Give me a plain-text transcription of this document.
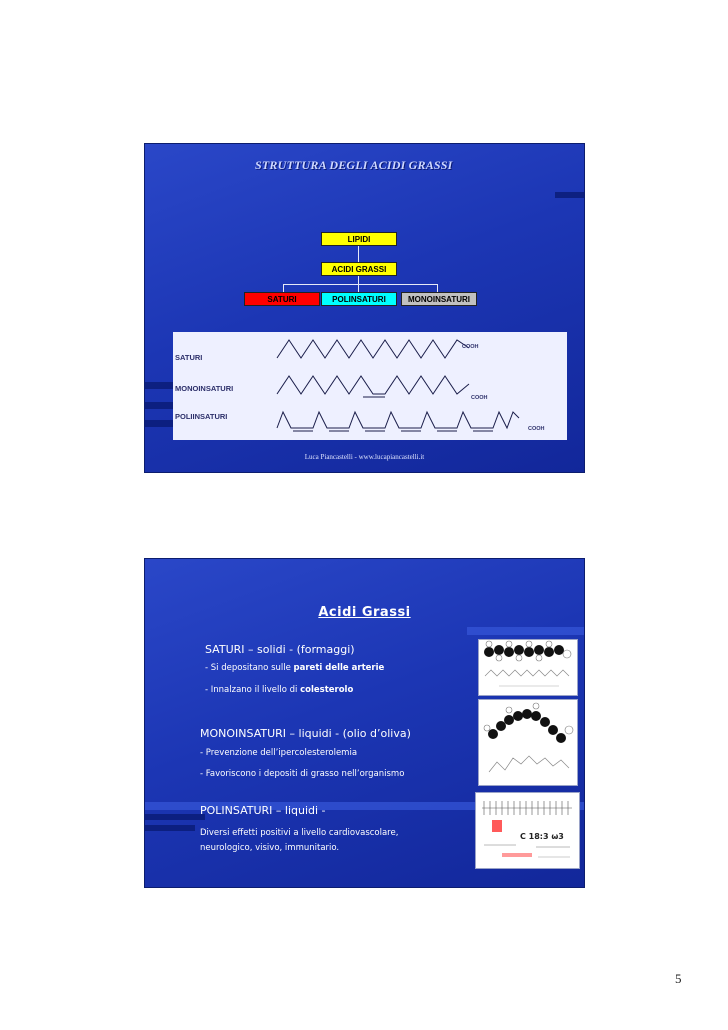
STRUTTURA DEGLI ACIDI GRASSI
LIPIDI
ACIDI GRASSI
SATURI	POLINSATURI	MONOINSATURI
SATURI
COOH
MONOINSATURI
COOH
POLIINSATURI
COOH
Luca Piancastelli - www.lucapiancastelli.it
Acidi Grassi
SATURI – solidi - (formaggi)
- Si depositano sulle pareti delle arterie
- Innalzano il livello di colesterolo
MONOINSATURI – liquidi - (olio d’oliva)
- Prevenzione dell’ipercolesterolemia
- Favoriscono i depositi di grasso nell’organismo
POLINSATURI – liquidi -
Diversi effetti positivi a livello cardiovascolare,
neurologico, visivo, immunitario.
C 18:3 ω3
5
